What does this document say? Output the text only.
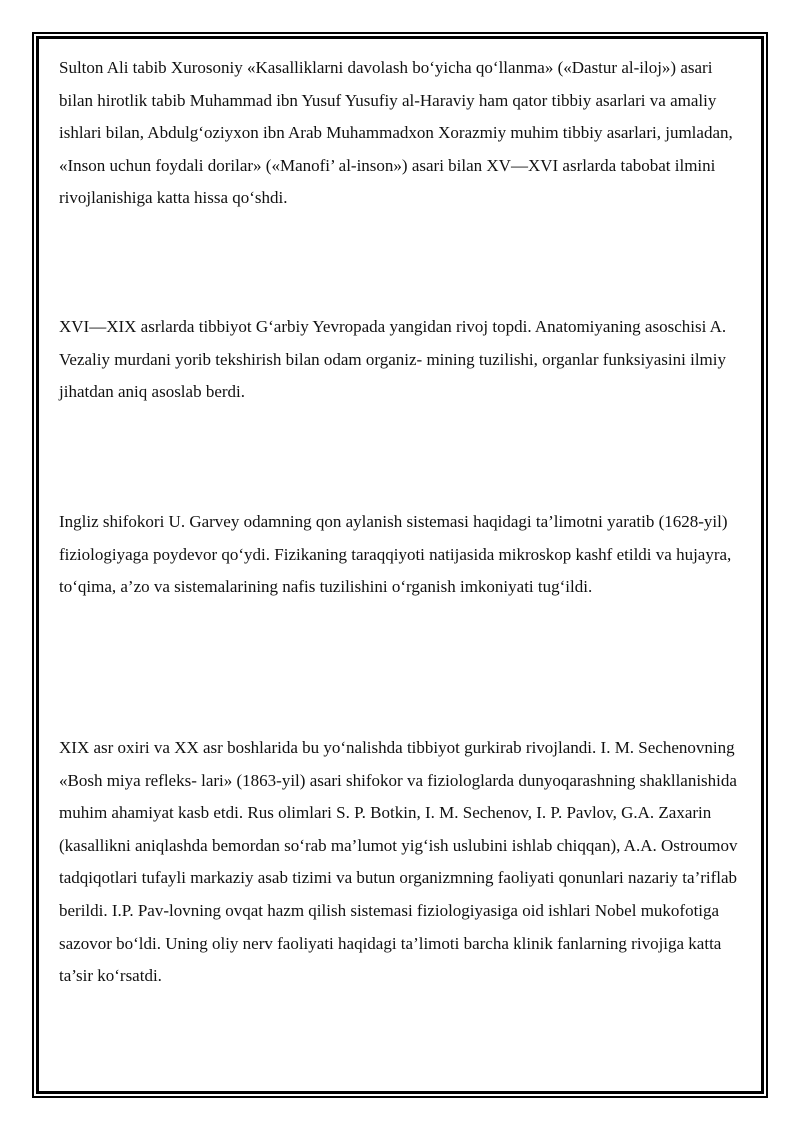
Sulton Ali tabib Xurosoniy «Kasalliklarni davolash boʻyicha qoʻllanma» («Dastur al-iloj») asari bilan hirotlik tabib Muhammad ibn Yusuf Yusufiy al-Haraviy ham qator tibbiy asarlari va amaliy ishlari bilan, Abdulgʻoziyxon ibn Arab Muhammadxon Xorazmiy muhim tibbiy asarlari, jumladan, «Inson uchun foydali dorilar» («Manofi’ al-inson») asari bilan XV—XVI asrlarda tabobat ilmini rivojlanishiga katta hissa qoʻshdi.

XVI—XIX asrlarda tibbiyot Gʻarbiy Yevropada yangidan rivoj topdi. Anatomiyaning asoschisi A. Vezaliy murdani yorib tekshirish bilan odam organiz- mining tuzilishi, organlar funksiyasini ilmiy jihatdan aniq asoslab berdi.

Ingliz shifokori U. Garvey odamning qon aylanish sistemasi haqidagi ta’limotni yaratib (1628-yil) fiziologiyaga poydevor qoʻydi. Fizikaning taraqqiyoti natijasida mikroskop kashf etildi va hujayra, toʻqima, a’zo va sistemalarining nafis tuzilishini oʻrganish imkoniyati tugʻildi.

XIX asr oxiri va XX asr boshlarida bu yoʻnalishda tibbiyot gurkirab rivojlandi. I. M. Sechenovning «Bosh miya refleks- lari» (1863-yil) asari shifokor va fiziologlarda dunyoqarashning shakllanishida muhim ahamiyat kasb etdi. Rus olimlari S. P. Botkin, I. M. Sechenov, I. P. Pavlov, G.A. Zaxarin (kasallikni aniqlashda bemordan soʻrab ma’lumot yigʻish uslubini ishlab chiqqan), A.A. Ostroumov tadqiqotlari tufayli markaziy asab tizimi va butun organizmning faoliyati qonunlari nazariy ta’riflab berildi. I.P. Pav-lovning ovqat hazm qilish sistemasi fiziologiyasiga oid ishlari Nobel mukofotiga sazovor boʻldi. Uning oliy nerv faoliyati haqidagi ta’limoti barcha klinik fanlarning rivojiga katta ta’sir koʻrsatdi.
